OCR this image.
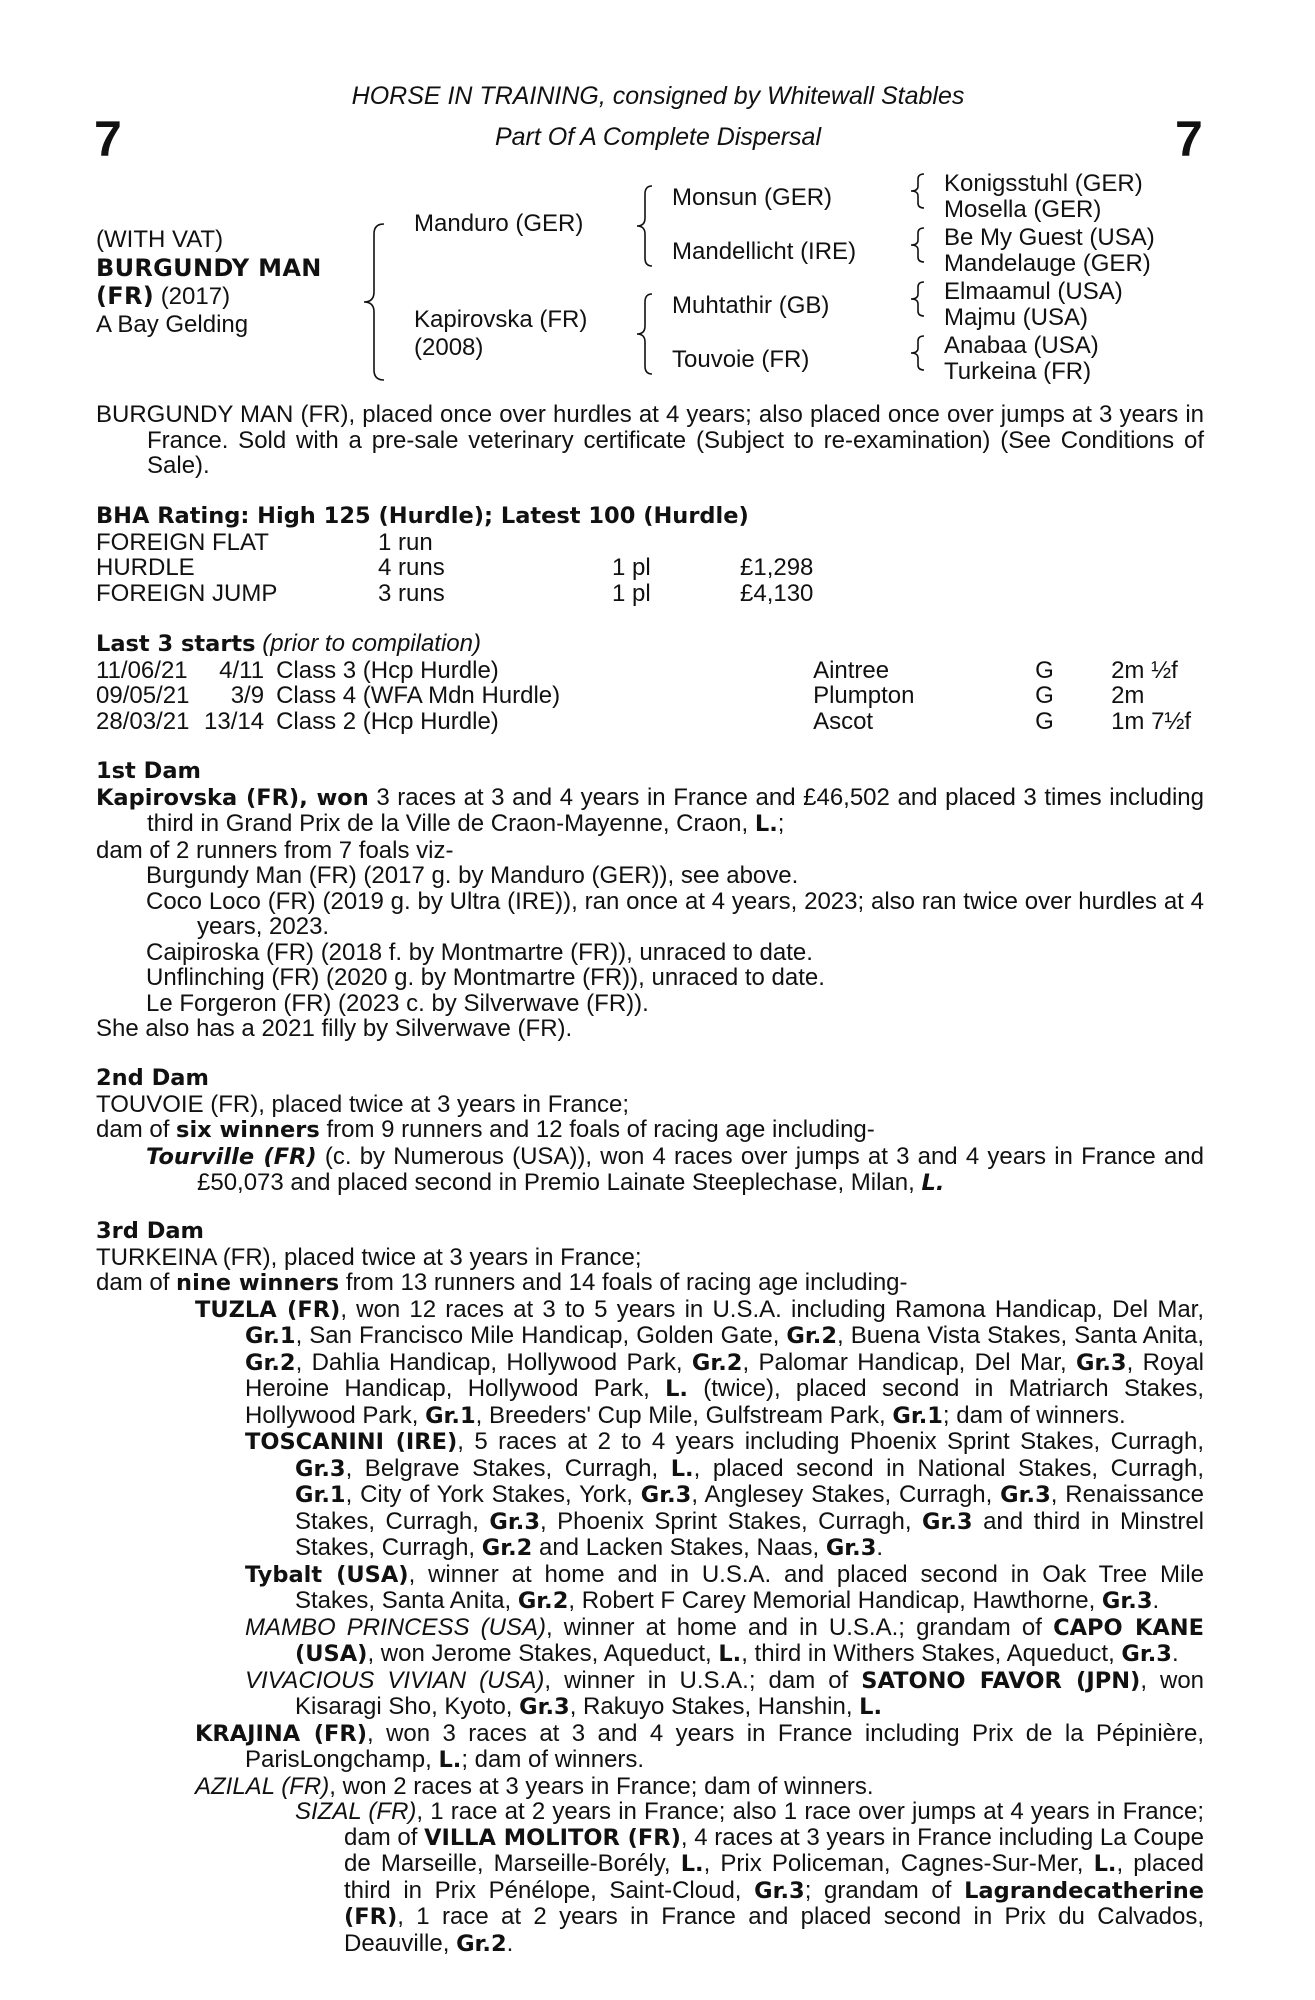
7	7
HORSE IN TRAINING, consigned by Whitewall Stables
Part Of A Complete Dispersal
(WITH VAT)
BURGUNDY MAN
(FR) (2017)
A Bay Gelding
Manduro (GER)
Kapirovska (FR)
(2008)
Monsun (GER)
Mandellicht (IRE)
Muhtathir (GB)
Touvoie (FR)
Konigsstuhl (GER)
Mosella (GER)
Be My Guest (USA)
Mandelauge (GER)
Elmaamul (USA)
Majmu (USA)
Anabaa (USA)
Turkeina (FR)

BURGUNDY MAN (FR), placed once over hurdles at 4 years; also placed once over jumps at 3 years in France. Sold with a pre-sale veterinary certificate (Subject to re-examination) (See Conditions of Sale).

BHA Rating: High 125 (Hurdle); Latest 100 (Hurdle)
FOREIGN FLAT	1 run		
HURDLE	4 runs	1 pl	£1,298
FOREIGN JUMP	3 runs	1 pl	£4,130
Last 3 starts (prior to compilation)
11/06/21	4/11	Class 3 (Hcp Hurdle)	Aintree	G	2m ½f
09/05/21	3/9	Class 4 (WFA Mdn Hurdle)	Plumpton	G	2m
28/03/21	13/14	Class 2 (Hcp Hurdle)	Ascot	G	1m 7½f
1st Dam

Kapirovska (FR), won 3 races at 3 and 4 years in France and £46,502 and placed 3 times including third in Grand Prix de la Ville de Craon-Mayenne, Craon, L.;

dam of 2 runners from 7 foals viz-

Burgundy Man (FR) (2017 g. by Manduro (GER)), see above.

Coco Loco (FR) (2019 g. by Ultra (IRE)), ran once at 4 years, 2023; also ran twice over hurdles at 4 years, 2023.

Caipiroska (FR) (2018 f. by Montmartre (FR)), unraced to date.

Unflinching (FR) (2020 g. by Montmartre (FR)), unraced to date.

Le Forgeron (FR) (2023 c. by Silverwave (FR)).

She also has a 2021 filly by Silverwave (FR).

2nd Dam

TOUVOIE (FR), placed twice at 3 years in France;

dam of six winners from 9 runners and 12 foals of racing age including-

Tourville (FR) (c. by Numerous (USA)), won 4 races over jumps at 3 and 4 years in France and £50,073 and placed second in Premio Lainate Steeplechase, Milan, L.

3rd Dam

TURKEINA (FR), placed twice at 3 years in France;

dam of nine winners from 13 runners and 14 foals of racing age including-

TUZLA (FR), won 12 races at 3 to 5 years in U.S.A. including Ramona Handicap, Del Mar, Gr.1, San Francisco Mile Handicap, Golden Gate, Gr.2, Buena Vista Stakes, Santa Anita, Gr.2, Dahlia Handicap, Hollywood Park, Gr.2, Palomar Handicap, Del Mar, Gr.3, Royal Heroine Handicap, Hollywood Park, L. (twice), placed second in Matriarch Stakes, Hollywood Park, Gr.1, Breeders' Cup Mile, Gulfstream Park, Gr.1; dam of winners.

TOSCANINI (IRE), 5 races at 2 to 4 years including Phoenix Sprint Stakes, Curragh, Gr.3, Belgrave Stakes, Curragh, L., placed second in National Stakes, Curragh, Gr.1, City of York Stakes, York, Gr.3, Anglesey Stakes, Curragh, Gr.3, Renaissance Stakes, Curragh, Gr.3, Phoenix Sprint Stakes, Curragh, Gr.3 and third in Minstrel Stakes, Curragh, Gr.2 and Lacken Stakes, Naas, Gr.3.

Tybalt (USA), winner at home and in U.S.A. and placed second in Oak Tree Mile Stakes, Santa Anita, Gr.2, Robert F Carey Memorial Handicap, Hawthorne, Gr.3.

MAMBO PRINCESS (USA), winner at home and in U.S.A.; grandam of CAPO KANE (USA), won Jerome Stakes, Aqueduct, L., third in Withers Stakes, Aqueduct, Gr.3.

VIVACIOUS VIVIAN (USA), winner in U.S.A.; dam of SATONO FAVOR (JPN), won Kisaragi Sho, Kyoto, Gr.3, Rakuyo Stakes, Hanshin, L.

KRAJINA (FR), won 3 races at 3 and 4 years in France including Prix de la Pépinière, ParisLongchamp, L.; dam of winners.

AZILAL (FR), won 2 races at 3 years in France; dam of winners.

SIZAL (FR), 1 race at 2 years in France; also 1 race over jumps at 4 years in France; dam of VILLA MOLITOR (FR), 4 races at 3 years in France including La Coupe de Marseille, Marseille-Borély, L., Prix Policeman, Cagnes-Sur-Mer, L., placed third in Prix Pénélope, Saint-Cloud, Gr.3; grandam of Lagrandecatherine (FR), 1 race at 2 years in France and placed second in Prix du Calvados, Deauville, Gr.2.
